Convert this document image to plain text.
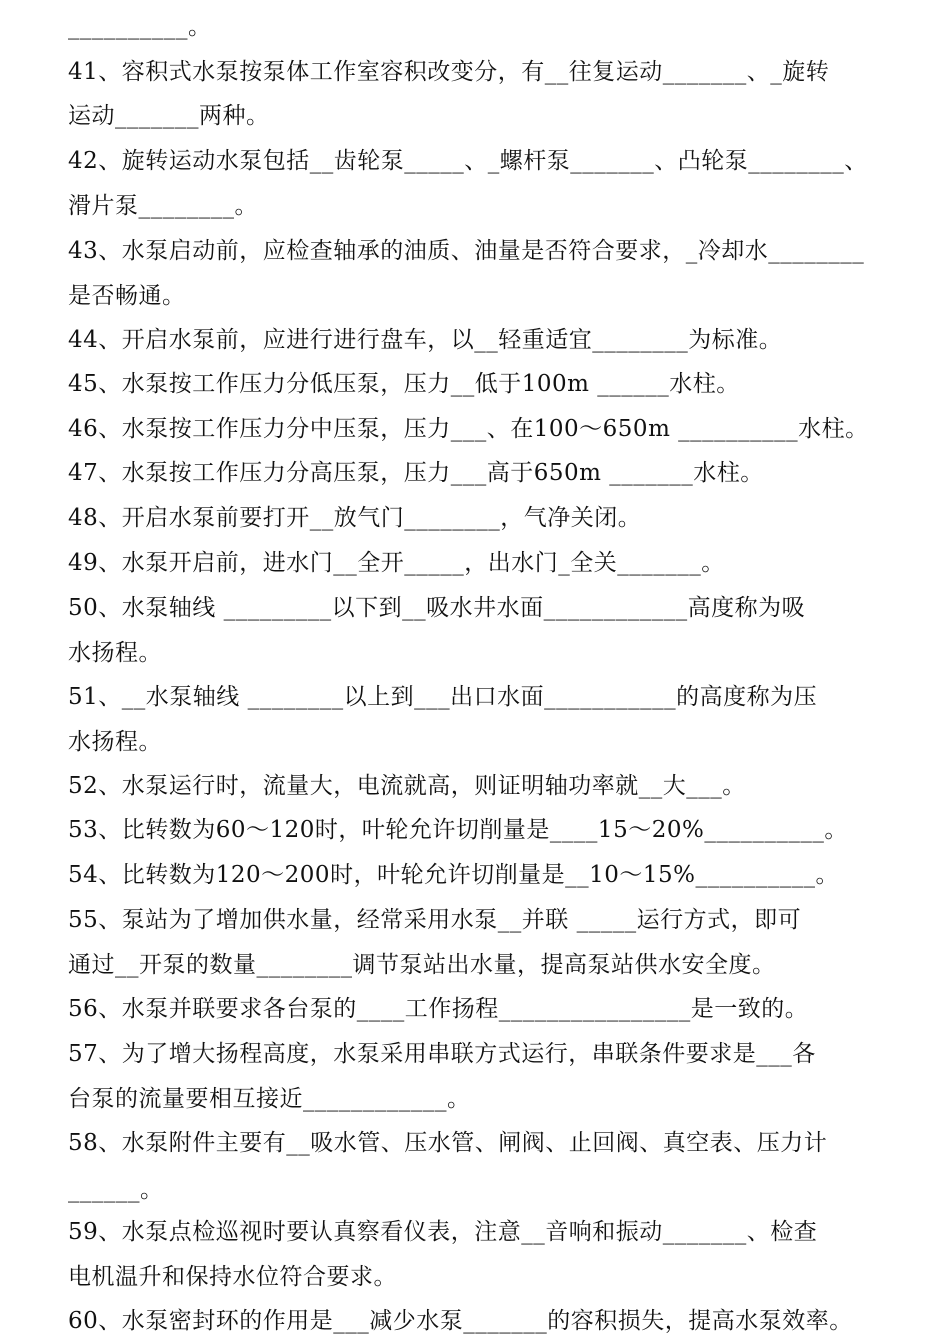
__________。
41、容积式水泵按泵体工作室容积改变分，有__往复运动_______、_旋转
运动_______两种。
42、旋转运动水泵包括__齿轮泵_____、_螺杆泵_______、凸轮泵________、
滑片泵________。
43、水泵启动前，应检查轴承的油质、油量是否符合要求，_冷却水________
是否畅通。
44、开启水泵前，应进行进行盘车，以__轻重适宜________为标准。
45、水泵按工作压力分低压泵，压力__低于100m ______水柱。
46、水泵按工作压力分中压泵，压力___、在100～650m __________水柱。
47、水泵按工作压力分高压泵，压力___高于650m _______水柱。
48、开启水泵前要打开__放气门________，气净关闭。
49、水泵开启前，进水门__全开_____，出水门_全关_______。
50、水泵轴线 _________以下到__吸水井水面____________高度称为吸
水扬程。
51、__水泵轴线 ________以上到___出口水面___________的高度称为压
水扬程。
52、水泵运行时，流量大，电流就高，则证明轴功率就__大___。
53、比转数为60～120时，叶轮允许切削量是____15～20%__________。
54、比转数为120～200时，叶轮允许切削量是__10～15%__________。
55、泵站为了增加供水量，经常采用水泵__并联 _____运行方式，即可
通过__开泵的数量________调节泵站出水量，提高泵站供水安全度。
56、水泵并联要求各台泵的____工作扬程________________是一致的。
57、为了增大扬程高度，水泵采用串联方式运行，串联条件要求是___各
台泵的流量要相互接近____________。
58、水泵附件主要有__吸水管、压水管、闸阀、止回阀、真空表、压力计
______。
59、水泵点检巡视时要认真察看仪表，注意__音响和振动_______、检查
电机温升和保持水位符合要求。
60、水泵密封环的作用是___减少水泵_______的容积损失，提高水泵效率。
